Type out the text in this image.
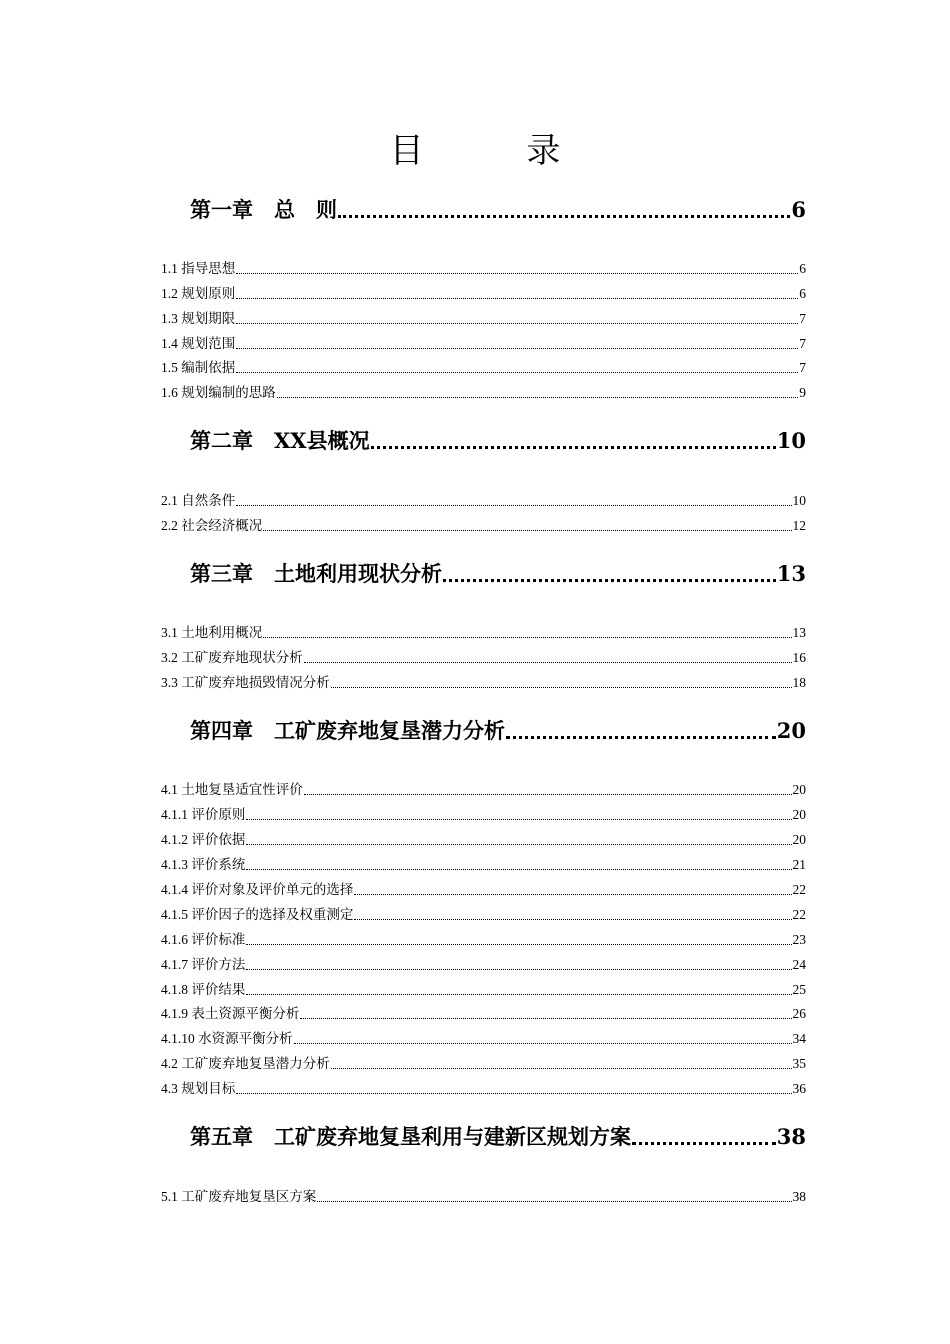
目 录
第一章　总　则	6
1.1 指导思想	6
1.2 规划原则	6
1.3 规划期限	7
1.4 规划范围	7
1.5 编制依据	7
1.6 规划编制的思路	9
第二章　XX县概况	10
2.1 自然条件	10
2.2 社会经济概况	12
第三章　土地利用现状分析	13
3.1 土地利用概况	13
3.2 工矿废弃地现状分析	16
3.3 工矿废弃地损毁情况分析	18
第四章　工矿废弃地复垦潜力分析	20
4.1 土地复垦适宜性评价	20
4.1.1 评价原则	20
4.1.2 评价依据	20
4.1.3 评价系统	21
4.1.4 评价对象及评价单元的选择	22
4.1.5 评价因子的选择及权重测定	22
4.1.6 评价标准	23
4.1.7 评价方法	24
4.1.8 评价结果	25
4.1.9 表土资源平衡分析	26
4.1.10 水资源平衡分析	34
4.2 工矿废弃地复垦潜力分析	35
4.3 规划目标	36
第五章　工矿废弃地复垦利用与建新区规划方案	38
5.1 工矿废弃地复垦区方案	38
